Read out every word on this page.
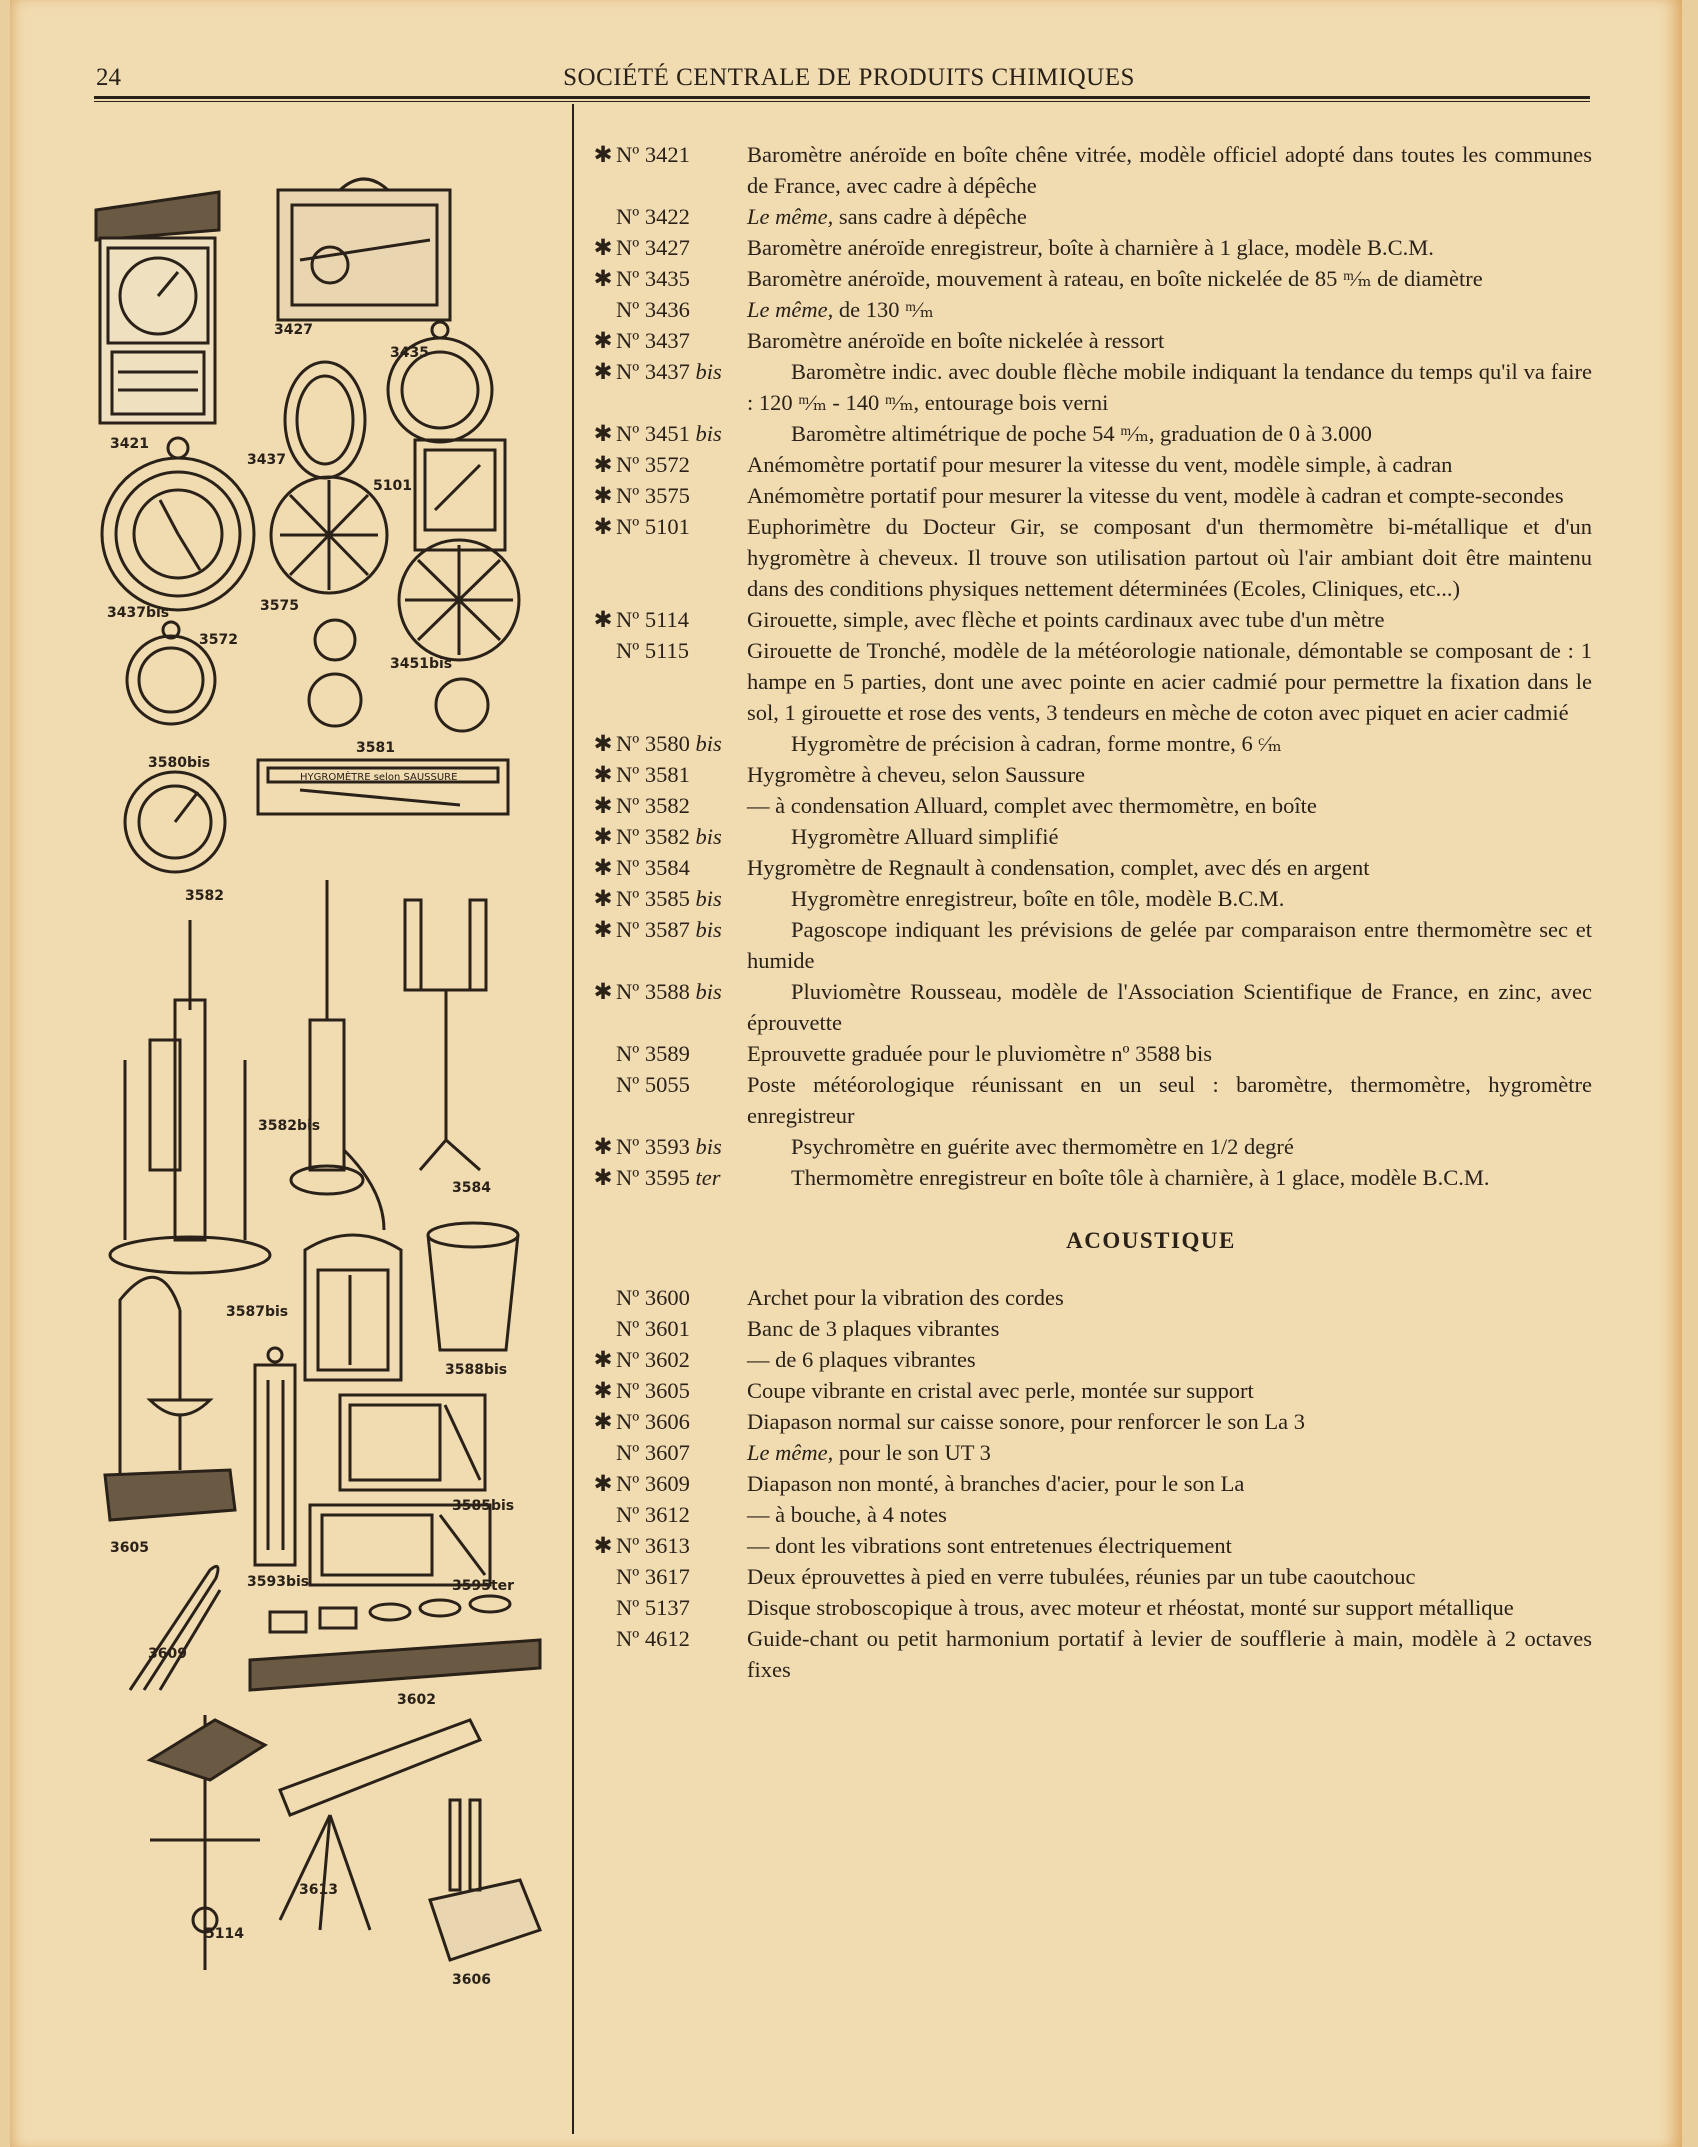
3421
3427
3435
3437
5101
3437bis	3575
3451bis
3572
3580bis
3581
3582
3582bis
3584
3587bis
3588bis
3605
3593bis
3585bis
3595ter
3609
3602
5114
3613
3606
HYGROMÈTRE selon SAUSSURE
24	SOCIÉTÉ CENTRALE DE PRODUITS CHIMIQUES
✱ Nº 3421	Baromètre anéroïde en boîte chêne vitrée, modèle officiel adopté dans toutes les communes de France, avec cadre à dépêche
Nº 3422	Le même, sans cadre à dépêche
✱ Nº 3427	Baromètre anéroïde enregistreur, boîte à charnière à 1 glace, modèle B.C.M.
✱ Nº 3435	Baromètre anéroïde, mouvement à rateau, en boîte nickelée de 85 ᵐ⁄ₘ de diamètre
Nº 3436	Le même, de 130 ᵐ⁄ₘ
✱ Nº 3437	Baromètre anéroïde en boîte nickelée à ressort
✱ Nº 3437 bis	Baromètre indic. avec double flèche mobile indiquant la tendance du temps qu'il va faire : 120 ᵐ⁄ₘ - 140 ᵐ⁄ₘ, entourage bois verni
✱ Nº 3451 bis	Baromètre altimétrique de poche 54 ᵐ⁄ₘ, graduation de 0 à 3.000
✱ Nº 3572	Anémomètre portatif pour mesurer la vitesse du vent, modèle simple, à cadran
✱ Nº 3575	Anémomètre portatif pour mesurer la vitesse du vent, modèle à cadran et compte-secondes
✱ Nº 5101	Euphorimètre du Docteur Gir, se composant d'un thermomètre bi-métallique et d'un hygromètre à cheveux. Il trouve son utilisation partout où l'air ambiant doit être maintenu dans des conditions physiques nettement déterminées (Ecoles, Cliniques, etc...)
✱ Nº 5114	Girouette, simple, avec flèche et points cardinaux avec tube d'un mètre
Nº 5115	Girouette de Tronché, modèle de la météorologie nationale, démontable se composant de : 1 hampe en 5 parties, dont une avec pointe en acier cadmié pour permettre la fixation dans le sol, 1 girouette et rose des vents, 3 tendeurs en mèche de coton avec piquet en acier cadmié
✱ Nº 3580 bis	Hygromètre de précision à cadran, forme montre, 6 ᶜ⁄ₘ
✱ Nº 3581	Hygromètre à cheveu, selon Saussure
✱ Nº 3582	— à condensation Alluard, complet avec thermomètre, en boîte
✱ Nº 3582 bis	Hygromètre Alluard simplifié
✱ Nº 3584	Hygromètre de Regnault à condensation, complet, avec dés en argent
✱ Nº 3585 bis	Hygromètre enregistreur, boîte en tôle, modèle B.C.M.
✱ Nº 3587 bis	Pagoscope indiquant les prévisions de gelée par comparaison entre thermomètre sec et humide
✱ Nº 3588 bis	Pluviomètre Rousseau, modèle de l'Association Scientifique de France, en zinc, avec éprouvette
Nº 3589	Eprouvette graduée pour le pluviomètre nº 3588 bis
Nº 5055	Poste météorologique réunissant en un seul : baromètre, thermomètre, hygromètre enregistreur
✱ Nº 3593 bis	Psychromètre en guérite avec thermomètre en 1/2 degré
✱ Nº 3595 ter	Thermomètre enregistreur en boîte tôle à charnière, à 1 glace, modèle B.C.M.
ACOUSTIQUE
Nº 3600	Archet pour la vibration des cordes
Nº 3601	Banc de 3 plaques vibrantes
✱ Nº 3602	— de 6 plaques vibrantes
✱ Nº 3605	Coupe vibrante en cristal avec perle, montée sur support
✱ Nº 3606	Diapason normal sur caisse sonore, pour renforcer le son La 3
Nº 3607	Le même, pour le son UT 3
✱ Nº 3609	Diapason non monté, à branches d'acier, pour le son La
Nº 3612	— à bouche, à 4 notes
✱ Nº 3613	— dont les vibrations sont entretenues électriquement
Nº 3617	Deux éprouvettes à pied en verre tubulées, réunies par un tube caoutchouc
Nº 5137	Disque stroboscopique à trous, avec moteur et rhéostat, monté sur support métallique
Nº 4612	Guide-chant ou petit harmonium portatif à levier de soufflerie à main, modèle à 2 octaves fixes
